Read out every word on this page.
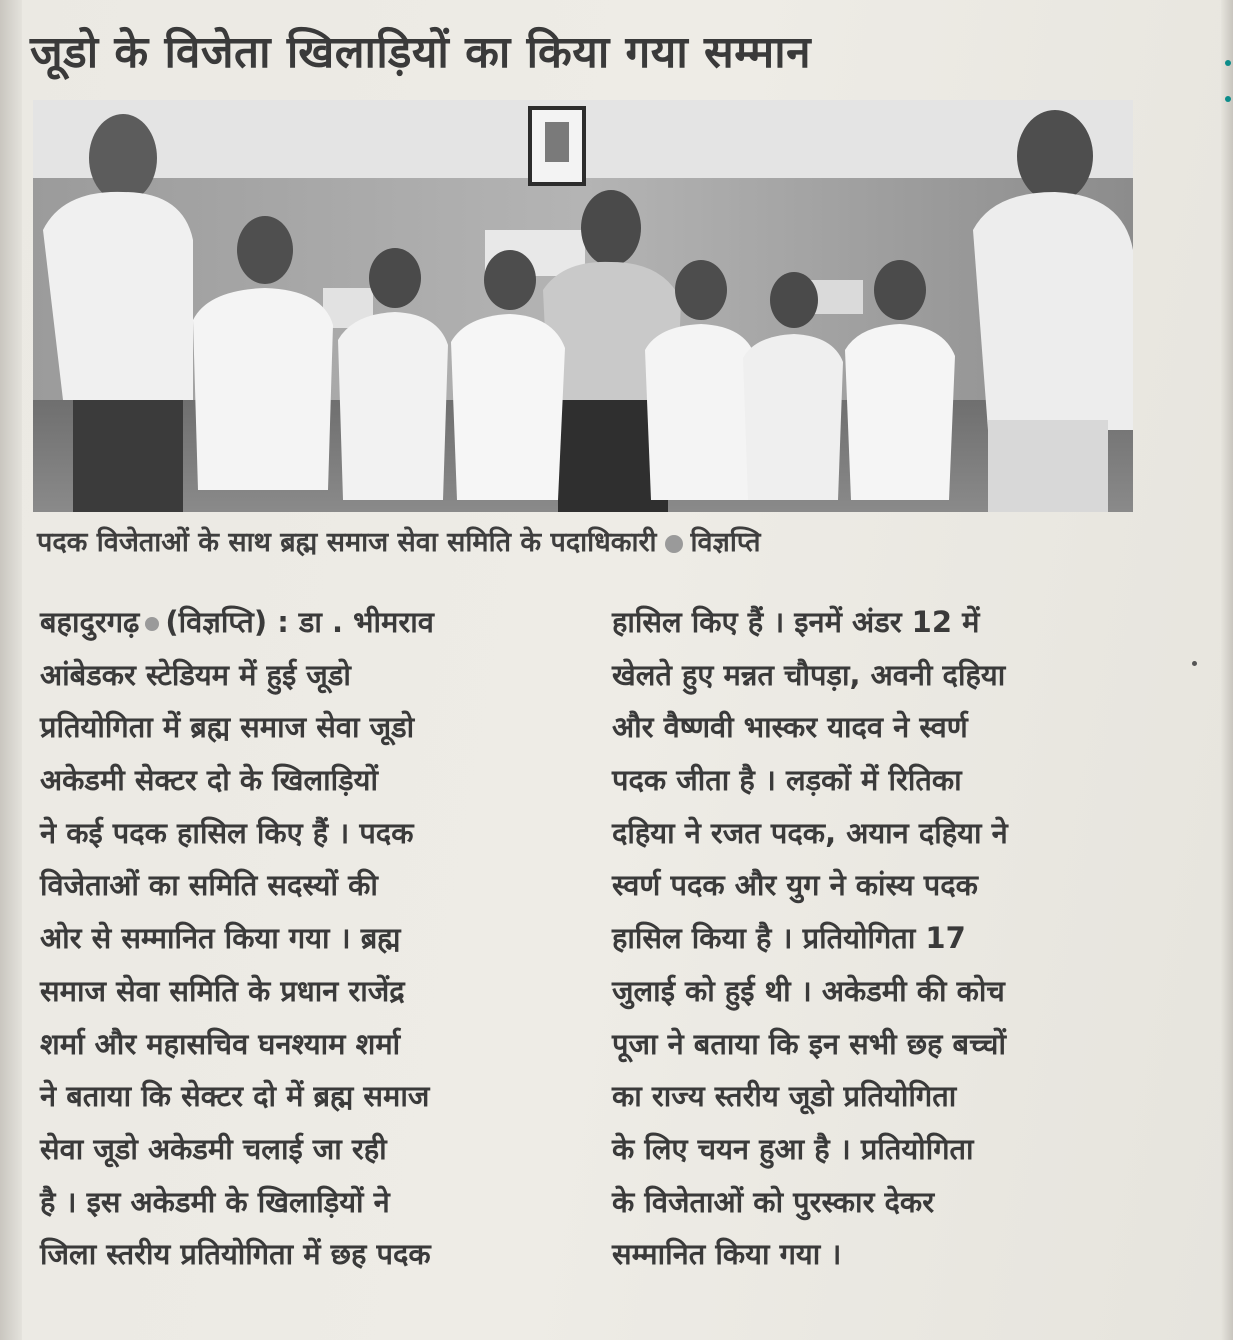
जूडो के विजेता खिलाड़ियों का किया गया सम्मान
पदक विजेताओं के साथ ब्रह्म समाज सेवा समिति के पदाधिकारी विज्ञप्ति
बहादुरगढ़ (विज्ञप्ति) : डा . भीमराव
आंबेडकर स्टेडियम में हुई जूडो
प्रतियोगिता में ब्रह्म समाज सेवा जूडो
अकेडमी सेक्टर दो के खिलाड़ियों
ने कई पदक हासिल किए हैं । पदक
विजेताओं का समिति सदस्यों की
ओर से सम्मानित किया गया । ब्रह्म
समाज सेवा समिति के प्रधान राजेंद्र
शर्मा और महासचिव घनश्याम शर्मा
ने बताया कि सेक्टर दो में ब्रह्म समाज
सेवा जूडो अकेडमी चलाई जा रही
है । इस अकेडमी के खिलाड़ियों ने
जिला स्तरीय प्रतियोगिता में छह पदक
हासिल किए हैं । इनमें अंडर 12 में
खेलते हुए मन्नत चौपड़ा, अवनी दहिया
और वैष्णवी भास्कर यादव ने स्वर्ण
पदक जीता है । लड़कों में रितिका
दहिया ने रजत पदक, अयान दहिया ने
स्वर्ण पदक और युग ने कांस्य पदक
हासिल किया है । प्रतियोगिता 17
जुलाई को हुई थी । अकेडमी की कोच
पूजा ने बताया कि इन सभी छह बच्चों
का राज्य स्तरीय जूडो प्रतियोगिता
के लिए चयन हुआ है । प्रतियोगिता
के विजेताओं को पुरस्कार देकर
सम्मानित किया गया ।
